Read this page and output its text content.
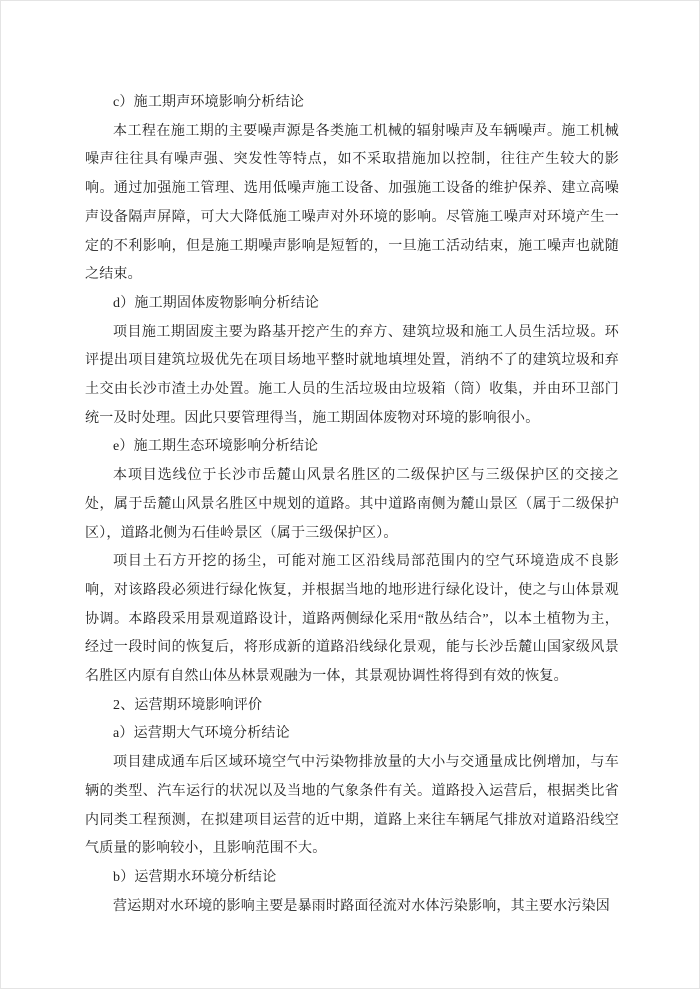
c）施工期声环境影响分析结论

本工程在施工期的主要噪声源是各类施工机械的辐射噪声及车辆噪声。施工机械噪声往往具有噪声强、突发性等特点，如不采取措施加以控制，往往产生较大的影响。通过加强施工管理、选用低噪声施工设备、加强施工设备的维护保养、建立高噪声设备隔声屏障，可大大降低施工噪声对外环境的影响。尽管施工噪声对环境产生一定的不利影响，但是施工期噪声影响是短暂的，一旦施工活动结束，施工噪声也就随之结束。

d）施工期固体废物影响分析结论

项目施工期固废主要为路基开挖产生的弃方、建筑垃圾和施工人员生活垃圾。环评提出项目建筑垃圾优先在项目场地平整时就地填埋处置，消纳不了的建筑垃圾和弃土交由长沙市渣土办处置。施工人员的生活垃圾由垃圾箱（筒）收集，并由环卫部门统一及时处理。因此只要管理得当，施工期固体废物对环境的影响很小。

e）施工期生态环境影响分析结论

本项目选线位于长沙市岳麓山风景名胜区的二级保护区与三级保护区的交接之处，属于岳麓山风景名胜区中规划的道路。其中道路南侧为麓山景区（属于二级保护区），道路北侧为石佳岭景区（属于三级保护区）。

项目土石方开挖的扬尘，可能对施工区沿线局部范围内的空气环境造成不良影响，对该路段必须进行绿化恢复，并根据当地的地形进行绿化设计，使之与山体景观协调。本路段采用景观道路设计，道路两侧绿化采用“散丛结合”，以本土植物为主，经过一段时间的恢复后，将形成新的道路沿线绿化景观，能与长沙岳麓山国家级风景名胜区内原有自然山体丛林景观融为一体，其景观协调性将得到有效的恢复。

2、运营期环境影响评价

a）运营期大气环境分析结论

项目建成通车后区域环境空气中污染物排放量的大小与交通量成比例增加，与车辆的类型、汽车运行的状况以及当地的气象条件有关。道路投入运营后，根据类比省内同类工程预测，在拟建项目运营的近中期，道路上来往车辆尾气排放对道路沿线空气质量的影响较小，且影响范围不大。

b）运营期水环境分析结论

营运期对水环境的影响主要是暴雨时路面径流对水体污染影响，其主要水污染因
